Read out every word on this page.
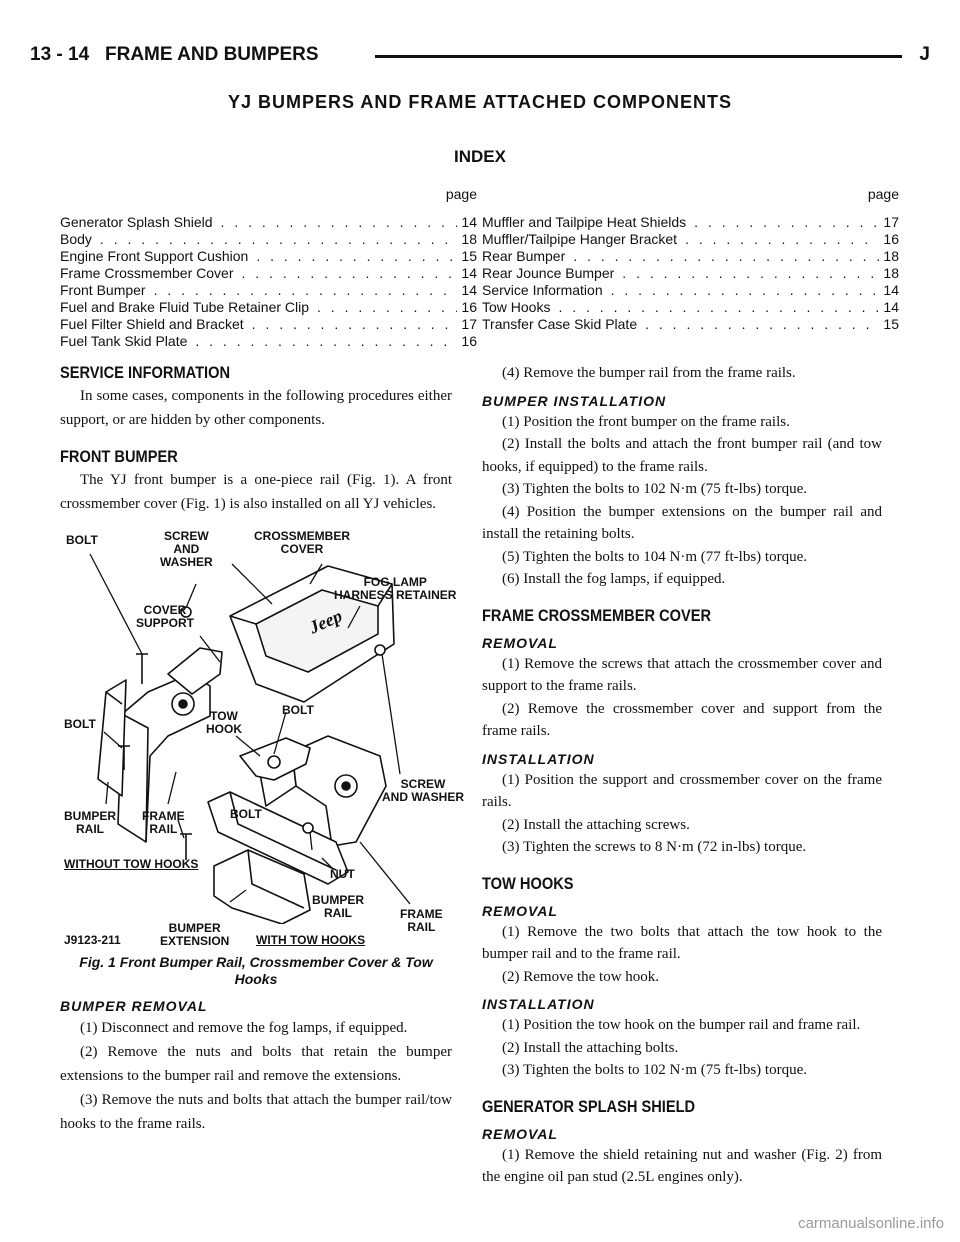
13 - 14 FRAME AND BUMPERS	J
YJ BUMPERS AND FRAME ATTACHED COMPONENTS
INDEX
page
Generator Splash Shield . . .	14
Body . . .	18
Engine Front Support Cushion . . .	15
Frame Crossmember Cover . . .	14
Front Bumper . . .	14
Fuel and Brake Fluid Tube Retainer Clip . . .	16
Fuel Filter Shield and Bracket . . .	17
Fuel Tank Skid Plate . . .	16
page
Muffler and Tailpipe Heat Shields . . .	17
Muffler/Tailpipe Hanger Bracket . . .	16
Rear Bumper . . .	18
Rear Jounce Bumper . . .	18
Service Information . . .	14
Tow Hooks . . .	14
Transfer Case Skid Plate . . .	15
SERVICE INFORMATION

In some cases, components in the following procedures either support, or are hidden by other components.

FRONT BUMPER

The YJ front bumper is a one-piece rail (Fig. 1). A front crossmember cover (Fig. 1) is also installed on all YJ vehicles.

Jeep
BOLT	SCREW
AND
WASHER
CROSSMEMBER
COVER
COVER
SUPPORT
FOG LAMP
HARNESS RETAINER
BOLT
TOW
HOOK
BOLT
SCREW
AND WASHER
BUMPER
RAIL
FRAME
RAIL
BOLT
WITHOUT TOW HOOKS
NUT
BUMPER
RAIL	FRAME
RAIL
J9123-211
BUMPER
EXTENSION WITH TOW HOOKS
Fig. 1 Front Bumper Rail, Crossmember Cover & Tow Hooks
BUMPER REMOVAL

(1) Disconnect and remove the fog lamps, if equipped.

(2) Remove the nuts and bolts that retain the bumper extensions to the bumper rail and remove the extensions.

(3) Remove the nuts and bolts that attach the bumper rail/tow hooks to the frame rails.

(4) Remove the bumper rail from the frame rails.

BUMPER INSTALLATION

(1) Position the front bumper on the frame rails.

(2) Install the bolts and attach the front bumper rail (and tow hooks, if equipped) to the frame rails.

(3) Tighten the bolts to 102 N·m (75 ft-lbs) torque.

(4) Position the bumper extensions on the bumper rail and install the retaining bolts.

(5) Tighten the bolts to 104 N·m (77 ft-lbs) torque.

(6) Install the fog lamps, if equipped.

FRAME CROSSMEMBER COVER
REMOVAL

(1) Remove the screws that attach the crossmember cover and support to the frame rails.

(2) Remove the crossmember cover and support from the frame rails.

INSTALLATION

(1) Position the support and crossmember cover on the frame rails.

(2) Install the attaching screws.

(3) Tighten the screws to 8 N·m (72 in-lbs) torque.

TOW HOOKS
REMOVAL

(1) Remove the two bolts that attach the tow hook to the bumper rail and to the frame rail.

(2) Remove the tow hook.

INSTALLATION

(1) Position the tow hook on the bumper rail and frame rail.

(2) Install the attaching bolts.

(3) Tighten the bolts to 102 N·m (75 ft-lbs) torque.

GENERATOR SPLASH SHIELD
REMOVAL

(1) Remove the shield retaining nut and washer (Fig. 2) from the engine oil pan stud (2.5L engines only).

carmanualsonline.info
